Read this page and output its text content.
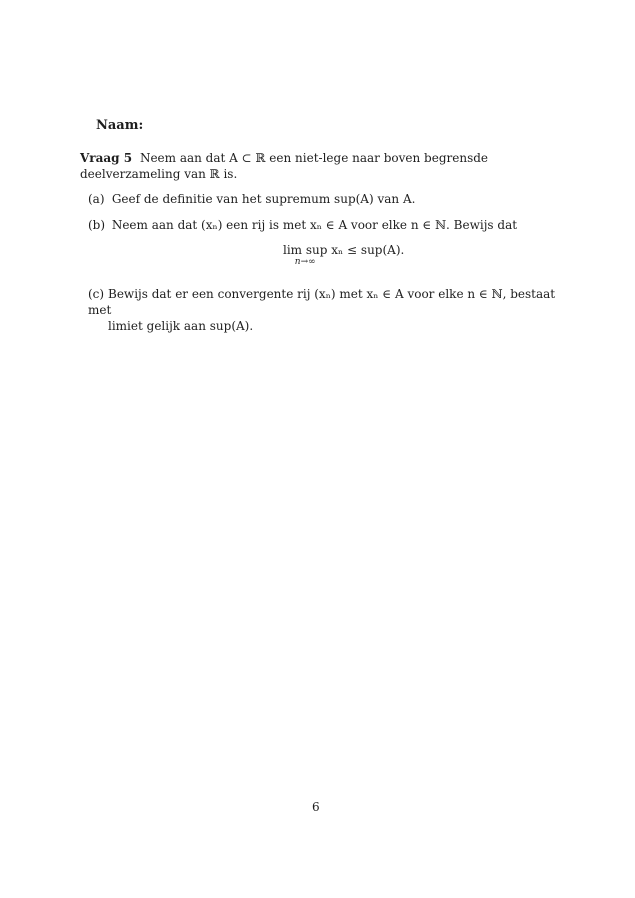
Naam:
Vraag 5 Neem aan dat A ⊂ ℝ een niet-lege naar boven begrensde deelverzameling van ℝ is.
(a) Geef de definitie van het supremum sup(A) van A.
(b) Neem aan dat (xₙ) een rij is met xₙ ∈ A voor elke n ∈ ℕ. Bewijs dat
lim sup
n→∞
xₙ ≤ sup(A).
(c) Bewijs dat er een convergente rij (xₙ) met xₙ ∈ A voor elke n ∈ ℕ, bestaat met
limiet gelijk aan sup(A).
6
